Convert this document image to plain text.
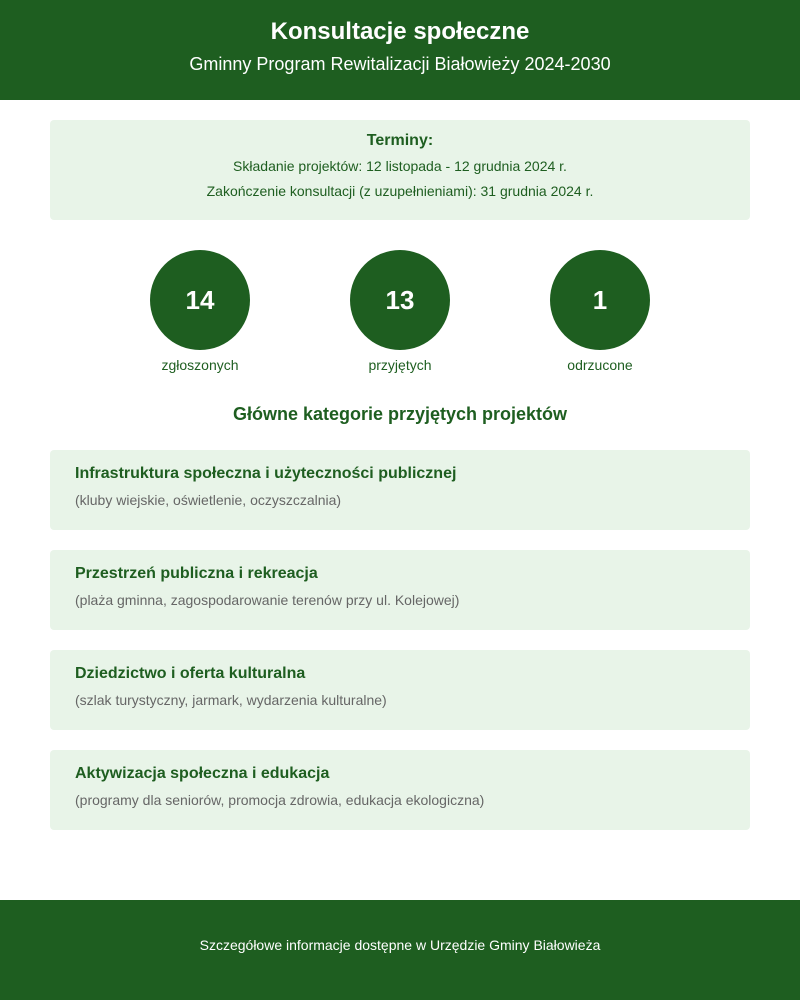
Konsultacje społeczne
Gminny Program Rewitalizacji Białowieży 2024-2030
Terminy:
Składanie projektów: 12 listopada - 12 grudnia 2024 r.
Zakończenie konsultacji (z uzupełnieniami): 31 grudnia 2024 r.
14
zgłoszonych
13
przyjętych
1
odrzucone
Główne kategorie przyjętych projektów
Infrastruktura społeczna i użyteczności publicznej
(kluby wiejskie, oświetlenie, oczyszczalnia)
Przestrzeń publiczna i rekreacja
(plaża gminna, zagospodarowanie terenów przy ul. Kolejowej)
Dziedzictwo i oferta kulturalna
(szlak turystyczny, jarmark, wydarzenia kulturalne)
Aktywizacja społeczna i edukacja
(programy dla seniorów, promocja zdrowia, edukacja ekologiczna)
Szczegółowe informacje dostępne w Urzędzie Gminy Białowieża
